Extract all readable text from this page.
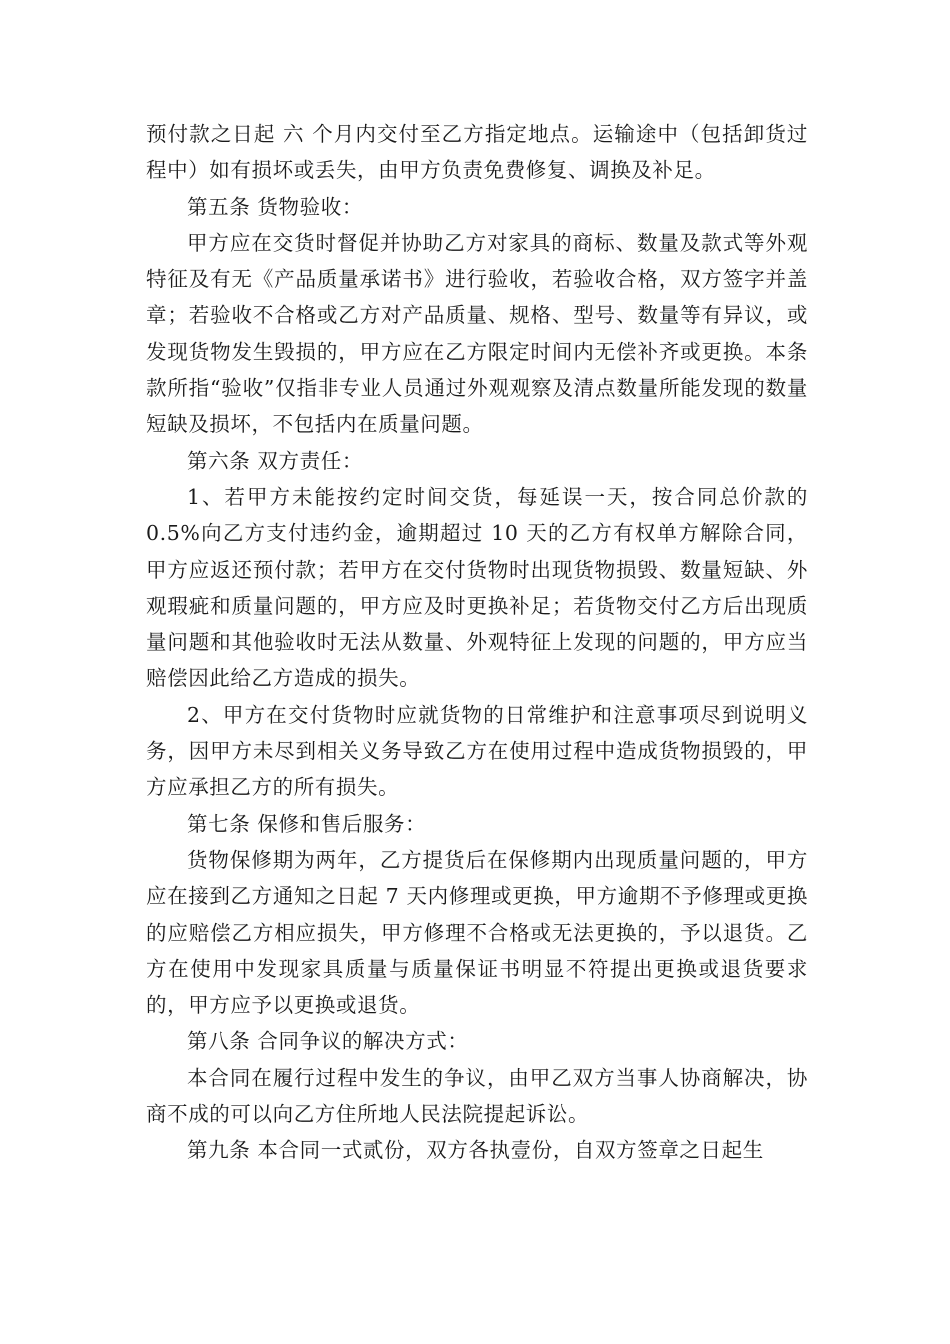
预付款之日起 六 个月内交付至乙方指定地点。运输途中（包括卸货过程中）如有损坏或丢失，由甲方负责免费修复、调换及补足。

第五条 货物验收：

甲方应在交货时督促并协助乙方对家具的商标、数量及款式等外观特征及有无《产品质量承诺书》进行验收，若验收合格，双方签字并盖章；若验收不合格或乙方对产品质量、规格、型号、数量等有异议，或发现货物发生毁损的，甲方应在乙方限定时间内无偿补齐或更换。本条款所指“验收”仅指非专业人员通过外观观察及清点数量所能发现的数量短缺及损坏，不包括内在质量问题。

第六条 双方责任：

1、若甲方未能按约定时间交货，每延误一天，按合同总价款的0.5%向乙方支付违约金，逾期超过 10 天的乙方有权单方解除合同，甲方应返还预付款；若甲方在交付货物时出现货物损毁、数量短缺、外观瑕疵和质量问题的，甲方应及时更换补足；若货物交付乙方后出现质量问题和其他验收时无法从数量、外观特征上发现的问题的，甲方应当赔偿因此给乙方造成的损失。

2、甲方在交付货物时应就货物的日常维护和注意事项尽到说明义务，因甲方未尽到相关义务导致乙方在使用过程中造成货物损毁的，甲方应承担乙方的所有损失。

第七条 保修和售后服务：

货物保修期为两年，乙方提货后在保修期内出现质量问题的，甲方应在接到乙方通知之日起 7 天内修理或更换，甲方逾期不予修理或更换的应赔偿乙方相应损失，甲方修理不合格或无法更换的，予以退货。乙方在使用中发现家具质量与质量保证书明显不符提出更换或退货要求的，甲方应予以更换或退货。

第八条 合同争议的解决方式：

本合同在履行过程中发生的争议，由甲乙双方当事人协商解决，协商不成的可以向乙方住所地人民法院提起诉讼。

第九条 本合同一式贰份，双方各执壹份，自双方签章之日起生
